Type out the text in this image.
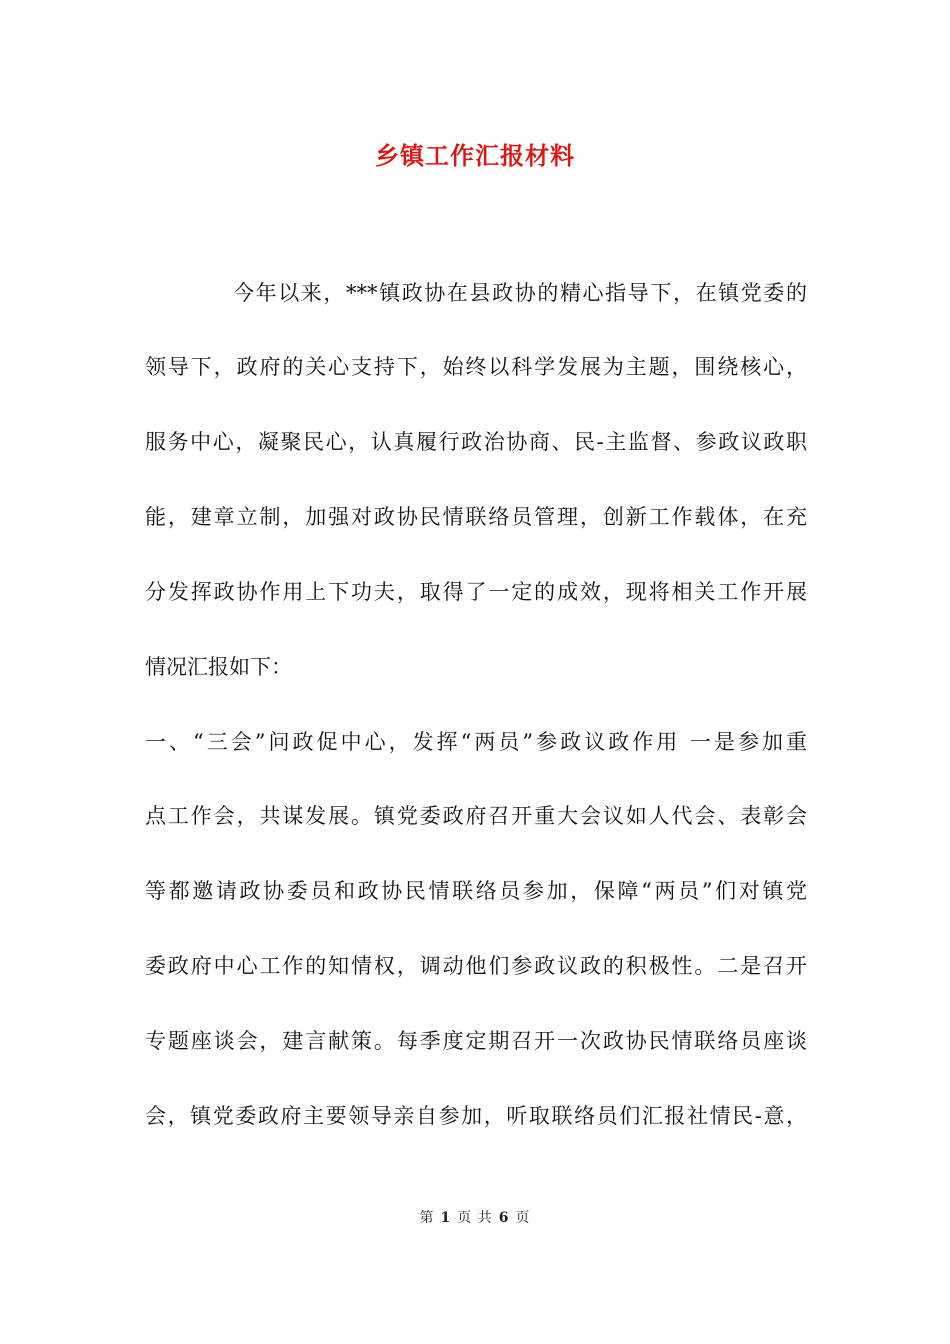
乡镇工作汇报材料
今年以来，***镇政协在县政协的精心指导下，在镇党委的
领导下，政府的关心支持下，始终以科学发展为主题，围绕核心，
服务中心，凝聚民心，认真履行政治协商、民-主监督、参政议政职
能，建章立制，加强对政协民情联络员管理，创新工作载体，在充
分发挥政协作用上下功夫，取得了一定的成效，现将相关工作开展
情况汇报如下：
一、“三会”问政促中心，发挥“两员”参政议政作用 一是参加重
点工作会，共谋发展。镇党委政府召开重大会议如人代会、表彰会
等都邀请政协委员和政协民情联络员参加，保障“两员”们对镇党
委政府中心工作的知情权，调动他们参政议政的积极性。二是召开
专题座谈会，建言献策。每季度定期召开一次政协民情联络员座谈
会，镇党委政府主要领导亲自参加，听取联络员们汇报社情民-意，
第 1 页 共 6 页
